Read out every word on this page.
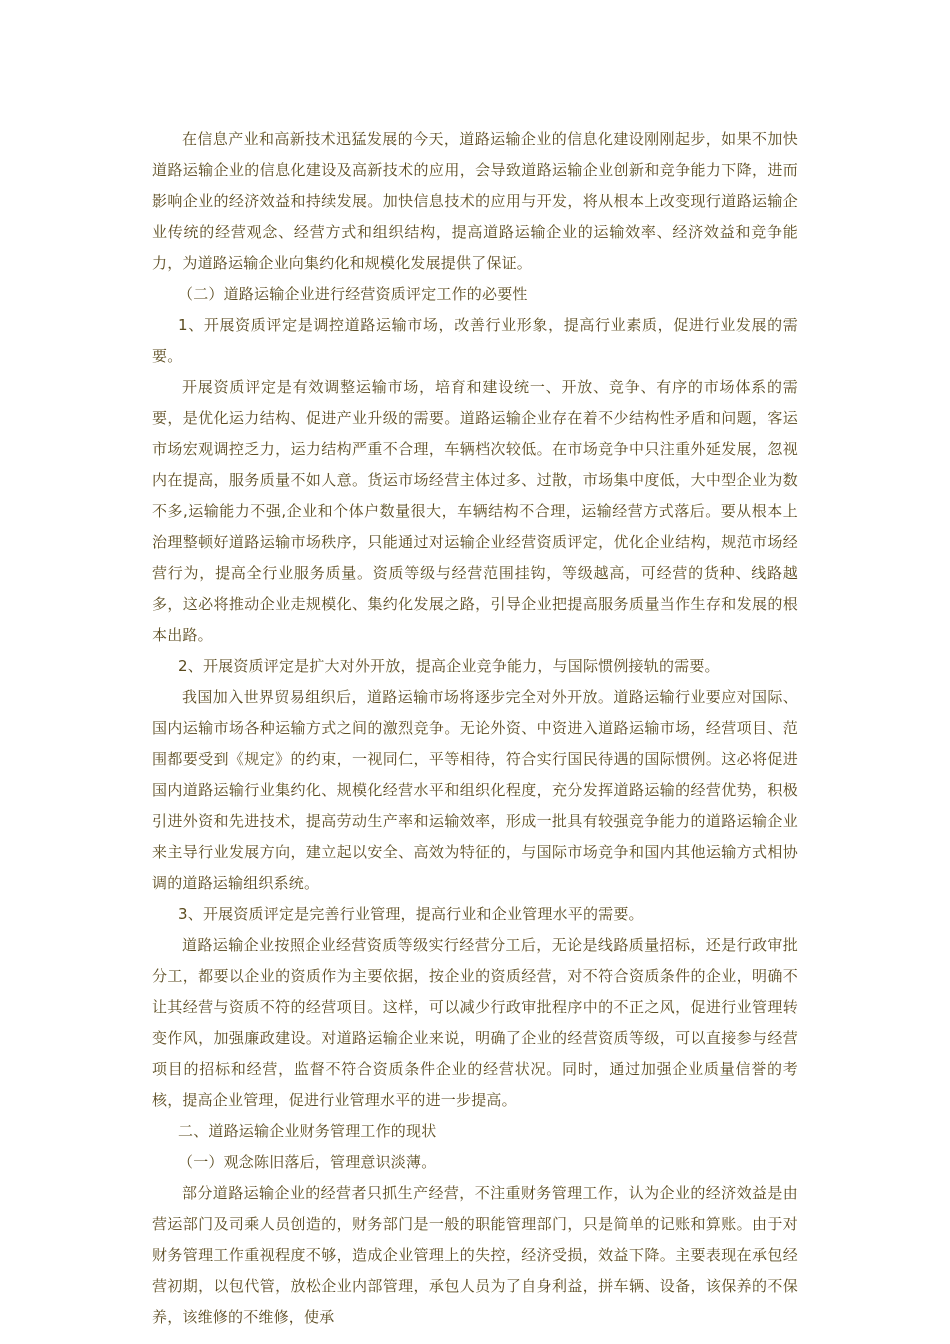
在信息产业和高新技术迅猛发展的今天，道路运输企业的信息化建设刚刚起步，如果不加快道路运输企业的信息化建设及高新技术的应用，会导致道路运输企业创新和竞争能力下降，进而影响企业的经济效益和持续发展。加快信息技术的应用与开发，将从根本上改变现行道路运输企业传统的经营观念、经营方式和组织结构，提高道路运输企业的运输效率、经济效益和竞争能力，为道路运输企业向集约化和规模化发展提供了保证。

（二）道路运输企业进行经营资质评定工作的必要性

1、开展资质评定是调控道路运输市场，改善行业形象，提高行业素质，促进行业发展的需要。

开展资质评定是有效调整运输市场，培育和建设统一、开放、竞争、有序的市场体系的需要，是优化运力结构、促进产业升级的需要。道路运输企业存在着不少结构性矛盾和问题，客运市场宏观调控乏力，运力结构严重不合理，车辆档次较低。在市场竞争中只注重外延发展，忽视内在提高，服务质量不如人意。货运市场经营主体过多、过散，市场集中度低，大中型企业为数不多,运输能力不强,企业和个体户数量很大，车辆结构不合理，运输经营方式落后。要从根本上治理整顿好道路运输市场秩序，只能通过对运输企业经营资质评定，优化企业结构，规范市场经营行为，提高全行业服务质量。资质等级与经营范围挂钩，等级越高，可经营的货种、线路越多，这必将推动企业走规模化、集约化发展之路，引导企业把提高服务质量当作生存和发展的根本出路。

2、开展资质评定是扩大对外开放，提高企业竞争能力，与国际惯例接轨的需要。

我国加入世界贸易组织后，道路运输市场将逐步完全对外开放。道路运输行业要应对国际、国内运输市场各种运输方式之间的激烈竞争。无论外资、中资进入道路运输市场，经营项目、范围都要受到《规定》的约束，一视同仁，平等相待，符合实行国民待遇的国际惯例。这必将促进国内道路运输行业集约化、规模化经营水平和组织化程度，充分发挥道路运输的经营优势，积极引进外资和先进技术，提高劳动生产率和运输效率，形成一批具有较强竞争能力的道路运输企业来主导行业发展方向，建立起以安全、高效为特征的，与国际市场竞争和国内其他运输方式相协调的道路运输组织系统。

3、开展资质评定是完善行业管理，提高行业和企业管理水平的需要。

道路运输企业按照企业经营资质等级实行经营分工后，无论是线路质量招标，还是行政审批分工，都要以企业的资质作为主要依据，按企业的资质经营，对不符合资质条件的企业，明确不让其经营与资质不符的经营项目。这样，可以减少行政审批程序中的不正之风，促进行业管理转变作风，加强廉政建设。对道路运输企业来说，明确了企业的经营资质等级，可以直接参与经营项目的招标和经营，监督不符合资质条件企业的经营状况。同时，通过加强企业质量信誉的考核，提高企业管理，促进行业管理水平的进一步提高。

二、道路运输企业财务管理工作的现状

（一）观念陈旧落后，管理意识淡薄。

部分道路运输企业的经营者只抓生产经营，不注重财务管理工作，认为企业的经济效益是由营运部门及司乘人员创造的，财务部门是一般的职能管理部门，只是简单的记账和算账。由于对财务管理工作重视程度不够，造成企业管理上的失控，经济受损，效益下降。主要表现在承包经营初期，以包代管，放松企业内部管理，承包人员为了自身利益，拼车辆、设备，该保养的不保养，该维修的不维修，使承
